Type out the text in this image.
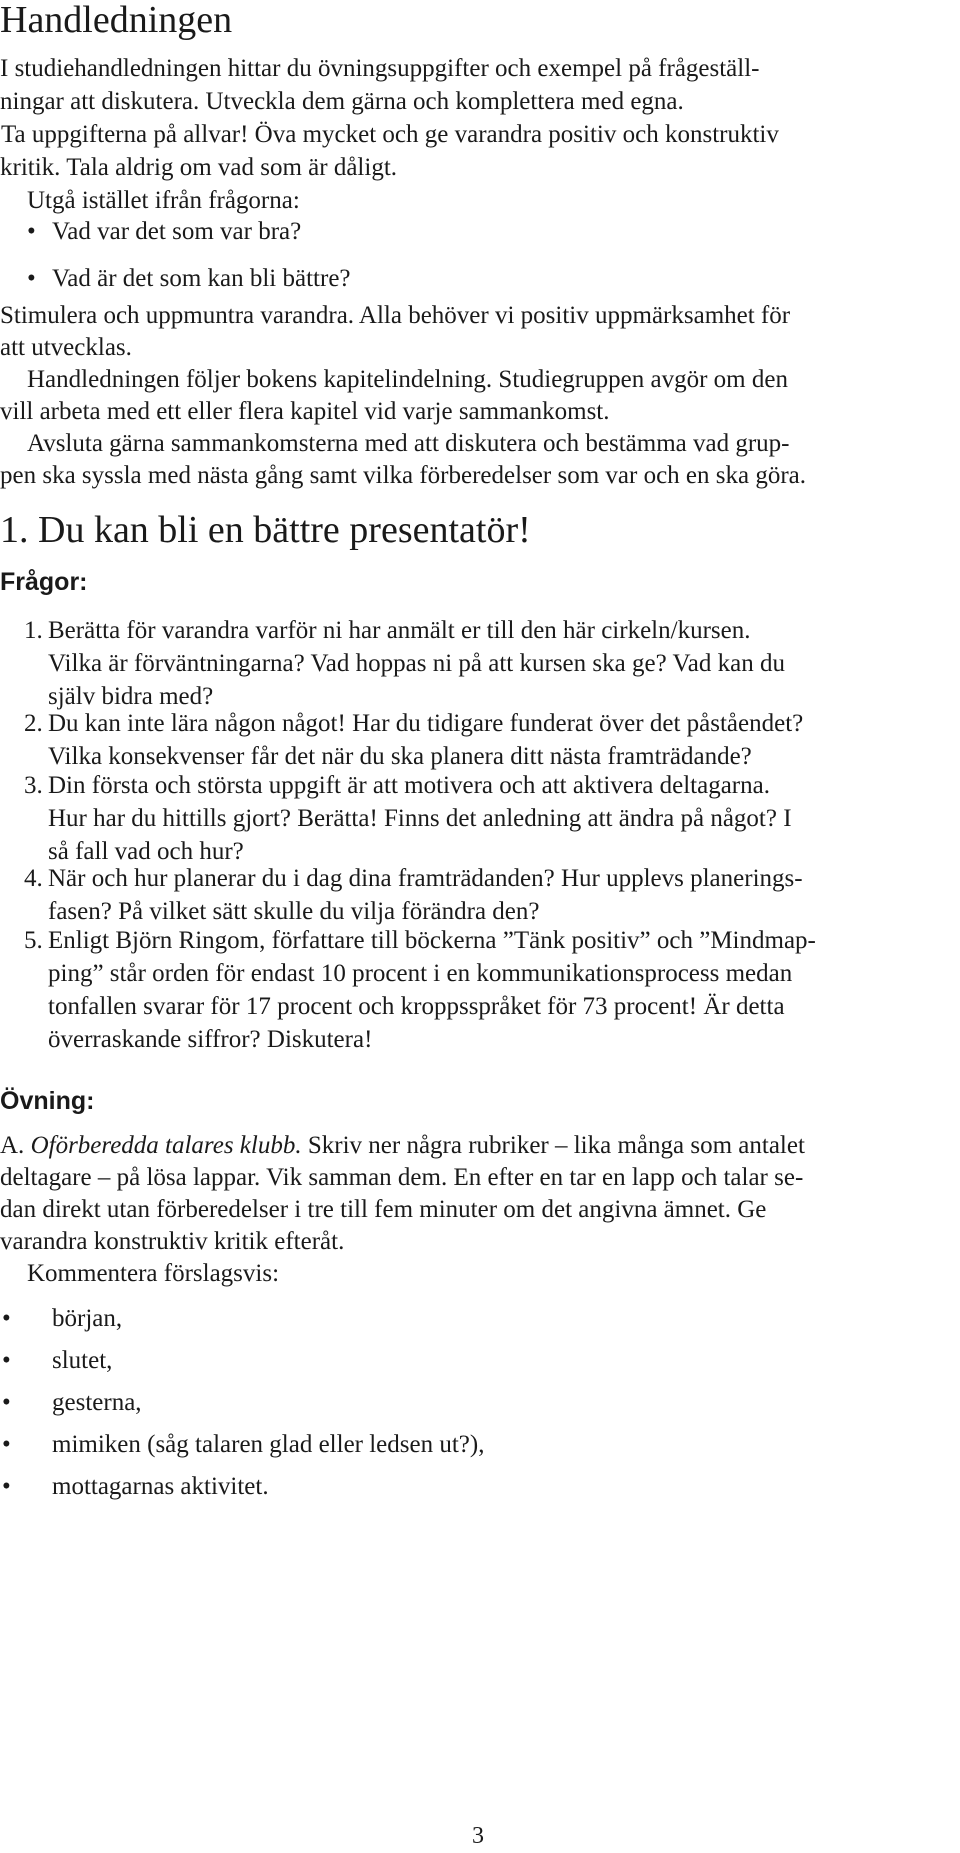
Handledningen

I studiehandledningen hittar du övningsuppgifter och exempel på frågeställ-

ningar att diskutera. Utveckla dem gärna och komplettera med egna.

Ta uppgifterna på allvar! Öva mycket och ge varandra positiv och konstruktiv

kritik. Tala aldrig om vad som är dåligt.

Utgå istället ifrån frågorna:

• Vad var det som var bra?
• Vad är det som kan bli bättre?

Stimulera och uppmuntra varandra. Alla behöver vi positiv uppmärksamhet för

att utvecklas.

Handledningen följer bokens kapitelindelning. Studiegruppen avgör om den

vill arbeta med ett eller flera kapitel vid varje sammankomst.

Avsluta gärna sammankomsterna med att diskutera och bestämma vad grup-

pen ska syssla med nästa gång samt vilka förberedelser som var och en ska göra.

1. Du kan bli en bättre presentatör!
Frågor:
1. Berätta för varandra varför ni har anmält er till den här cirkeln/kursen.
Vilka är förväntningarna? Vad hoppas ni på att kursen ska ge? Vad kan du
själv bidra med?
2. Du kan inte lära någon något! Har du tidigare funderat över det påståendet?
Vilka konsekvenser får det när du ska planera ditt nästa framträdande?
3. Din första och största uppgift är att motivera och att aktivera deltagarna.
Hur har du hittills gjort? Berätta! Finns det anledning att ändra på något? I
så fall vad och hur?
4. När och hur planerar du i dag dina framträdanden? Hur upplevs planerings-
fasen? På vilket sätt skulle du vilja förändra den?
5. Enligt Björn Ringom, författare till böckerna ”Tänk positiv” och ”Mindmap-
ping” står orden för endast 10 procent i en kommunikationsprocess medan
tonfallen svarar för 17 procent och kroppsspråket för 73 procent! Är detta
överraskande siffror? Diskutera!
Övning:

A. Oförberedda talares klubb. Skriv ner några rubriker – lika många som antalet

deltagare – på lösa lappar. Vik samman dem. En efter en tar en lapp och talar se-

dan direkt utan förberedelser i tre till fem minuter om det angivna ämnet. Ge

varandra konstruktiv kritik efteråt.

Kommentera förslagsvis:

• början,
• slutet,
• gesterna,
• mimiken (såg talaren glad eller ledsen ut?),
• mottagarnas aktivitet.
3
